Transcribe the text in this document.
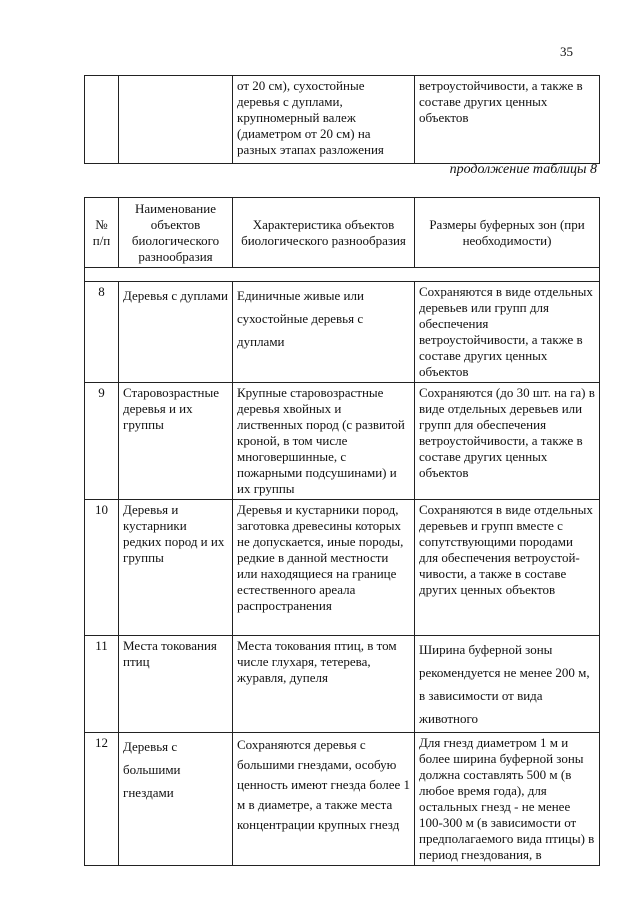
35
		от 20 см), сухостойные деревья с дуплами, крупномерный валеж (диаметром от 20 см) на разных этапах разложения	ветроустойчивости, а также в составе других ценных объектов
продолжение таблицы 8
№ п/п	Наименование объектов биологического разнообразия	Характеристика объектов биологического разнообразия	Размеры буферных зон (при необходимости)

8	Деревья с дуплами	Единичные живые или сухостойные деревья с дуплами	Сохраняются в виде отдельных деревьев или групп для обеспечения ветроустойчивости, а также в составе других ценных объектов
9	Старовозрастные деревья и их группы	Крупные старовозрастные деревья хвойных и лиственных пород (с развитой кроной, в том числе многовершинные, с пожарными подсушинами) и их группы	Сохраняются (до 30 шт. на га) в виде отдельных деревьев или групп для обеспечения ветроустойчивости, а также в составе других ценных объектов
10	Деревья и кустарники редких пород и их группы	Деревья и кустарники пород, заготовка древесины которых не допускается, иные породы, редкие в данной местности или находящиеся на границе естественного ареала распространения	Сохраняются в виде отдельных деревьев и групп вместе с сопутствующими породами для обеспечения ветроустой-чивости, а также в составе других ценных объектов
11	Места токования птиц	Места токования птиц, в том числе глухаря, тетерева, журавля, дупеля	Ширина буферной зоны рекомендуется не менее 200 м, в зависимости от вида животного
12	Деревья с большими гнездами	Сохраняются деревья с большими гнездами, особую ценность имеют гнезда более 1 м в диаметре, а также места концентрации крупных гнезд	Для гнезд диаметром 1 м и более ширина буферной зоны должна составлять 500 м (в любое время года), для остальных гнезд - не менее 100-300 м (в зависимости от предполагаемого вида птицы) в период гнездования, в
